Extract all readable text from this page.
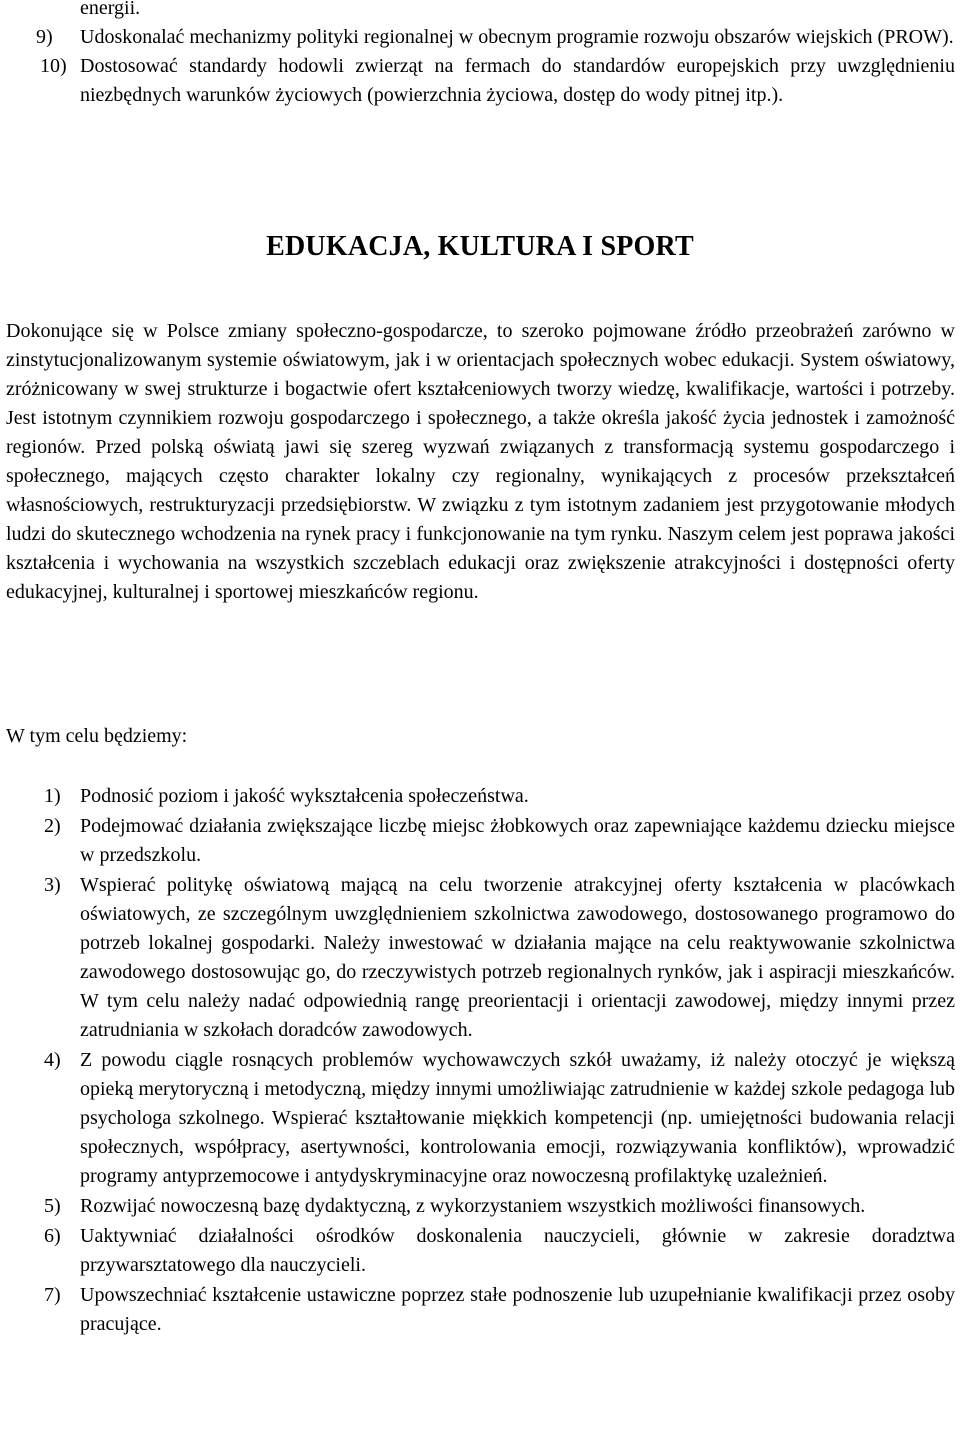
energii.
9) Udoskonalać mechanizmy polityki regionalnej w obecnym programie rozwoju obszarów wiejskich (PROW).
10) Dostosować standardy hodowli zwierząt na fermach do standardów europejskich przy uwzględnieniu niezbędnych warunków życiowych (powierzchnia życiowa, dostęp do wody pitnej itp.).
EDUKACJA, KULTURA I SPORT

Dokonujące się w Polsce zmiany społeczno-gospodarcze, to szeroko pojmowane źródło przeobrażeń zarówno w zinstytucjonalizowanym systemie oświatowym, jak i w orientacjach społecznych wobec edukacji. System oświatowy, zróżnicowany w swej strukturze i bogactwie ofert kształceniowych tworzy wiedzę, kwalifikacje, wartości i potrzeby. Jest istotnym czynnikiem rozwoju gospodarczego i społecznego, a także określa jakość życia jednostek i zamożność regionów. Przed polską oświatą jawi się szereg wyzwań związanych z transformacją systemu gospodarczego i społecznego, mających często charakter lokalny czy regionalny, wynikających z procesów przekształceń własnościowych, restrukturyzacji przedsiębiorstw. W związku z tym istotnym zadaniem jest przygotowanie młodych ludzi do skutecznego wchodzenia na rynek pracy i funkcjonowanie na tym rynku. Naszym celem jest poprawa jakości kształcenia i wychowania na wszystkich szczeblach edukacji oraz zwiększenie atrakcyjności i dostępności oferty edukacyjnej, kulturalnej i sportowej mieszkańców regionu.

W tym celu będziemy:

1) Podnosić poziom i jakość wykształcenia społeczeństwa.
2) Podejmować działania zwiększające liczbę miejsc żłobkowych oraz zapewniające każdemu dziecku miejsce w przedszkolu.
3) Wspierać politykę oświatową mającą na celu tworzenie atrakcyjnej oferty kształcenia w placówkach oświatowych, ze szczególnym uwzględnieniem szkolnictwa zawodowego, dostosowanego programowo do potrzeb lokalnej gospodarki. Należy inwestować w działania mające na celu reaktywowanie szkolnictwa zawodowego dostosowując go, do rzeczywistych potrzeb regionalnych rynków, jak i aspiracji mieszkańców. W tym celu należy nadać odpowiednią rangę preorientacji i orientacji zawodowej, między innymi przez zatrudniania w szkołach doradców zawodowych.
4) Z powodu ciągle rosnących problemów wychowawczych szkół uważamy, iż należy otoczyć je większą opieką merytoryczną i metodyczną, między innymi umożliwiając zatrudnienie w każdej szkole pedagoga lub psychologa szkolnego. Wspierać kształtowanie miękkich kompetencji (np. umiejętności budowania relacji społecznych, współpracy, asertywności, kontrolowania emocji, rozwiązywania konfliktów), wprowadzić programy antyprzemocowe i antydyskryminacyjne oraz nowoczesną profilaktykę uzależnień.
5) Rozwijać nowoczesną bazę dydaktyczną, z wykorzystaniem wszystkich możliwości finansowych.
6) Uaktywniać działalności ośrodków doskonalenia nauczycieli, głównie w zakresie doradztwa przywarsztatowego dla nauczycieli.
7) Upowszechniać kształcenie ustawiczne poprzez stałe podnoszenie lub uzupełnianie kwalifikacji przez osoby pracujące.
